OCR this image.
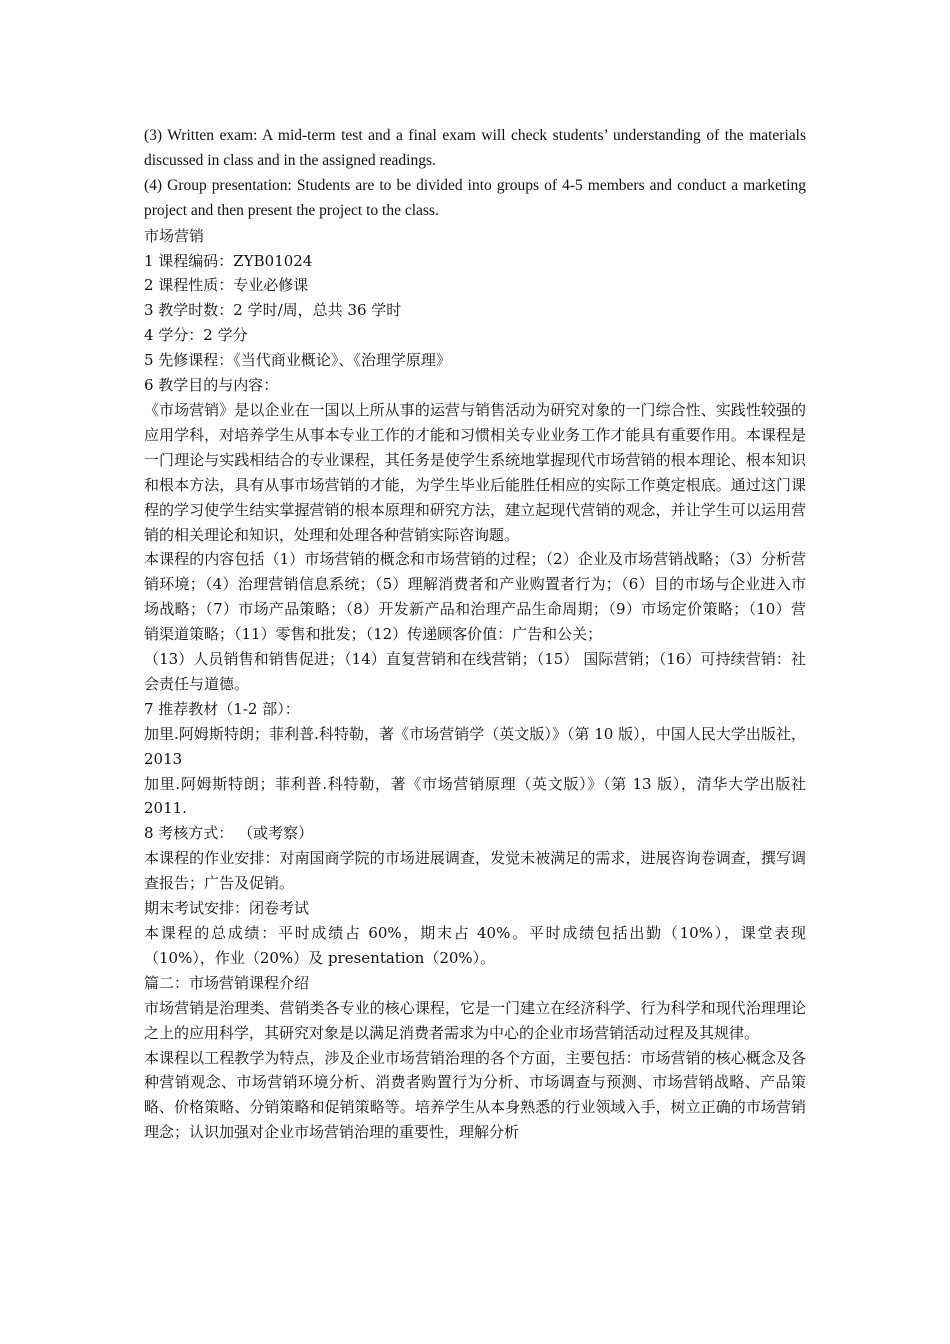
(3) Written exam: A mid-term test and a final exam will check students’ understanding of the materials discussed in class and in the assigned readings.

(4) Group presentation: Students are to be divided into groups of 4-5 members and conduct a marketing project and then present the project to the class.

市场营销

1 课程编码：ZYB01024

2 课程性质：专业必修课

3 教学时数：2 学时/周，总共 36 学时

4 学分：2 学分

5 先修课程：《当代商业概论》、《治理学原理》

6 教学目的与内容：

《市场营销》是以企业在一国以上所从事的运营与销售活动为研究对象的一门综合性、实践性较强的应用学科，对培养学生从事本专业工作的才能和习惯相关专业业务工作才能具有重要作用。本课程是一门理论与实践相结合的专业课程，其任务是使学生系统地掌握现代市场营销的根本理论、根本知识和根本方法，具有从事市场营销的才能，为学生毕业后能胜任相应的实际工作奠定根底。通过这门课程的学习使学生结实掌握营销的根本原理和研究方法，建立起现代营销的观念，并让学生可以运用营销的相关理论和知识，处理和处理各种营销实际咨询题。

本课程的内容包括（1）市场营销的概念和市场营销的过程；（2）企业及市场营销战略；（3）分析营销环境；（4）治理营销信息系统；（5）理解消费者和产业购置者行为；（6）目的市场与企业进入市场战略；（7）市场产品策略；（8）开发新产品和治理产品生命周期；（9）市场定价策略；（10）营销渠道策略；（11）零售和批发；（12）传递顾客价值：广告和公关；

（13）人员销售和销售促进；（14）直复营销和在线营销；（15） 国际营销；（16）可持续营销：社会责任与道德。

7 推荐教材（1-2 部）：

加里.阿姆斯特朗；菲利普.科特勒，著《市场营销学（英文版）》（第 10 版），中国人民大学出版社，2013

加里.阿姆斯特朗；菲利普.科特勒，著《市场营销原理（英文版）》（第 13 版），清华大学出版社 2011.

8 考核方式： （或考察）

本课程的作业安排：对南国商学院的市场进展调查，发觉未被满足的需求，进展咨询卷调查，撰写调查报告；广告及促销。

期末考试安排：闭卷考试

本课程的总成绩：平时成绩占 60%，期末占 40%。平时成绩包括出勤（10%），课堂表现（10%），作业（20%）及 presentation（20%）。

篇二：市场营销课程介绍

市场营销是治理类、营销类各专业的核心课程，它是一门建立在经济科学、行为科学和现代治理理论之上的应用科学，其研究对象是以满足消费者需求为中心的企业市场营销活动过程及其规律。

本课程以工程教学为特点，涉及企业市场营销治理的各个方面，主要包括：市场营销的核心概念及各种营销观念、市场营销环境分析、消费者购置行为分析、市场调查与预测、市场营销战略、产品策略、价格策略、分销策略和促销策略等。培养学生从本身熟悉的行业领域入手，树立正确的市场营销理念；认识加强对企业市场营销治理的重要性，理解分析
